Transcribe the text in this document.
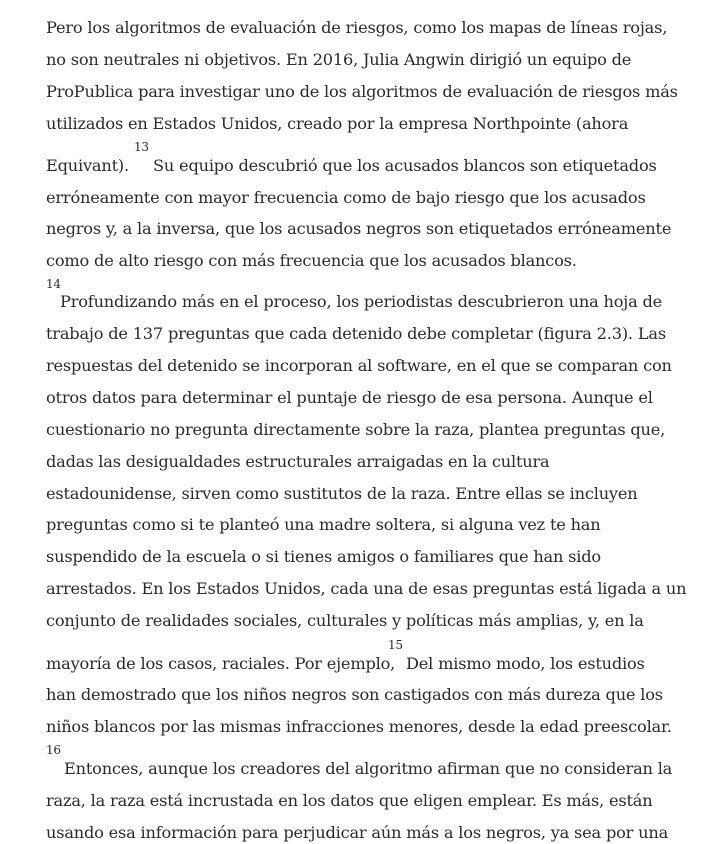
Pero los algoritmos de evaluación de riesgos, como los mapas de líneas rojas,
no son neutrales ni objetivos. En 2016, Julia Angwin dirigió un equipo de
ProPublica para investigar uno de los algoritmos de evaluación de riesgos más
utilizados en Estados Unidos, creado por la empresa Northpointe (ahora
13
Equivant). Su equipo descubrió que los acusados blancos son etiquetados
erróneamente con mayor frecuencia como de bajo riesgo que los acusados
negros y, a la inversa, que los acusados negros son etiquetados erróneamente
como de alto riesgo con más frecuencia que los acusados blancos.
14
Profundizando más en el proceso, los periodistas descubrieron una hoja de
trabajo de 137 preguntas que cada detenido debe completar (figura 2.3). Las
respuestas del detenido se incorporan al software, en el que se comparan con
otros datos para determinar el puntaje de riesgo de esa persona. Aunque el
cuestionario no pregunta directamente sobre la raza, plantea preguntas que,
dadas las desigualdades estructurales arraigadas en la cultura
estadounidense, sirven como sustitutos de la raza. Entre ellas se incluyen
preguntas como si te planteó una madre soltera, si alguna vez te han
suspendido de la escuela o si tienes amigos o familiares que han sido
arrestados. En los Estados Unidos, cada una de esas preguntas está ligada a un
conjunto de realidades sociales, culturales y políticas más amplias, y, en la
15
mayoría de los casos, raciales. Por ejemplo, Del mismo modo, los estudios
han demostrado que los niños negros son castigados con más dureza que los
niños blancos por las mismas infracciones menores, desde la edad preescolar.
16
Entonces, aunque los creadores del algoritmo afirman que no consideran la
raza, la raza está incrustada en los datos que eligen emplear. Es más, están
usando esa información para perjudicar aún más a los negros, ya sea por una
